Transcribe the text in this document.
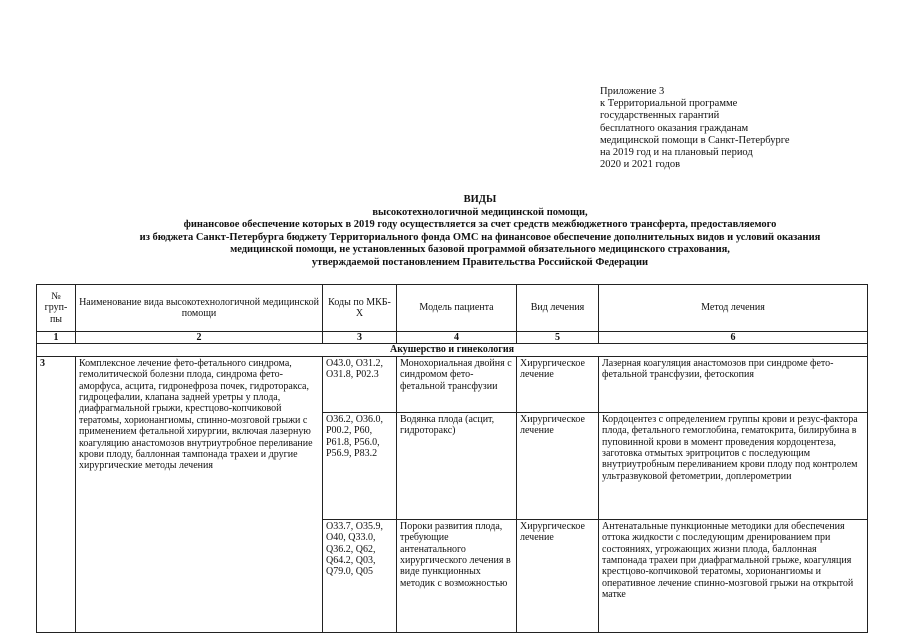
Приложение 3
к Территориальной программе
государственных гарантий
бесплатного оказания гражданам
медицинской помощи в Санкт-Петербурге
на 2019 год и на плановый период
2020 и 2021 годов
ВИДЫ
высокотехнологичной медицинской помощи,
финансовое обеспечение которых в 2019 году осуществляется за счет средств межбюджетного трансферта, предоставляемого
из бюджета Санкт-Петербурга бюджету Территориального фонда ОМС на финансовое обеспечение дополнительных видов и условий оказания
медицинской помощи, не установленных базовой программой обязательного медицинского страхования,
утверждаемой постановлением Правительства Российской Федерации
№ груп-пы	Наименование вида высокотехнологичной медицинской помощи	Коды по МКБ-Х	Модель пациента	Вид лечения	Метод лечения
1	2	3	4	5	6
Акушерство и гинекология					
3	Комплексное лечение фето-фетального синдрома, гемолитической болезни плода, синдрома фето-аморфуса, асцита, гидронефроза почек, гидроторакса, гидроцефалии, клапана задней уретры у плода, диафрагмальной грыжи, крестцово-копчиковой тератомы, хорионангиомы, спинно-мозговой грыжи с применением фетальной хирургии, включая лазерную коагуляцию анастомозов внутриутробное переливание крови плоду, баллонная тампонада трахеи и другие хирургические методы лечения	O43.0, O31.2, O31.8, P02.3	Монохориальная двойня с синдромом фето-фетальной трансфузии	Хирургическое лечение	Лазерная коагуляция анастомозов при синдроме фето-фетальной трансфузии, фетоскопия
		O36.2, O36.0, P00.2, P60, P61.8, P56.0, P56.9, P83.2	Водянка плода (асцит, гидроторакс)	Хирургическое лечение	Кордоцентез с определением группы крови и резус-фактора плода, фетального гемоглобина, гематокрита, билирубина в пуповинной крови в момент проведения кордоцентеза, заготовка отмытых эритроцитов с последующим внутриутробным переливанием крови плоду под контролем ультразвуковой фетометрии, доплерометрии
		O33.7, O35.9, O40, Q33.0, Q36.2, Q62, Q64.2, Q03, Q79.0, Q05	Пороки развития плода, требующие антенатального хирургического лечения в виде пункционных методик с возможностью	Хирургическое лечение	Антенатальные пункционные методики для обеспечения оттока жидкости с последующим дренированием при состояниях, угрожающих жизни плода, баллонная тампонада трахеи при диафрагмальной грыже, коагуляция крестцово-копчиковой тератомы, хорионангиомы и оперативное лечение спинно-мозговой грыжи на открытой матке
